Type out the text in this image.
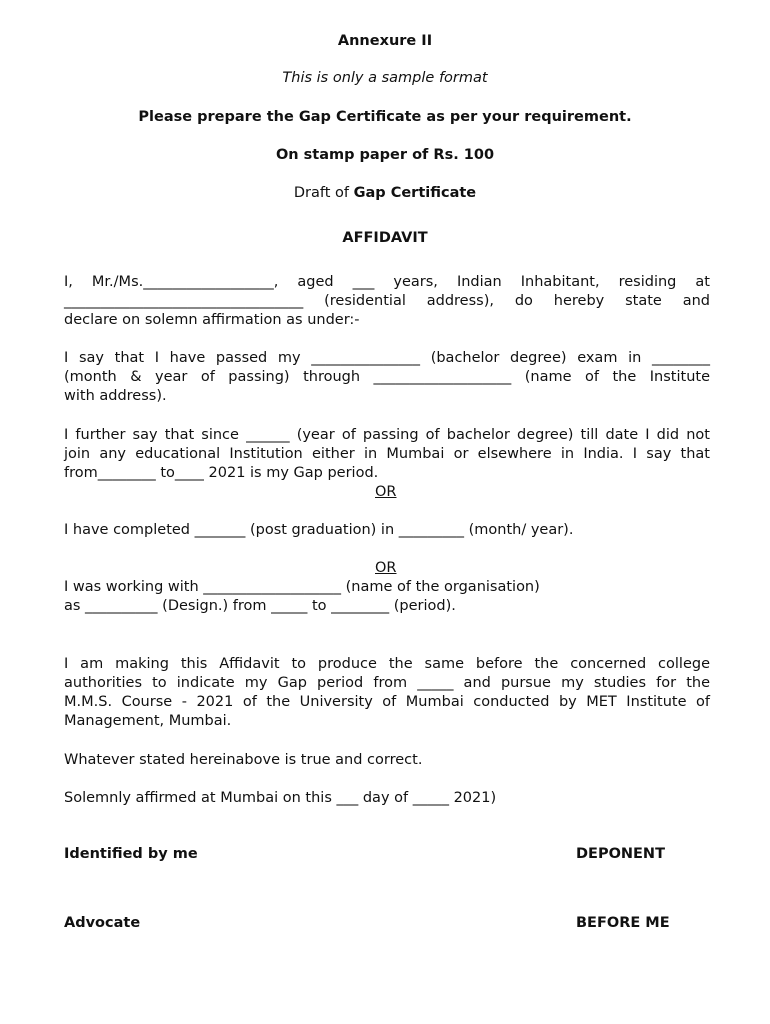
Annexure II
This is only a sample format
Please prepare the Gap Certificate as per your requirement.
On stamp paper of Rs. 100
Draft of Gap Certificate
AFFIDAVIT
I, Mr./Ms.__________________, aged ___ years, Indian Inhabitant, residing at
_________________________________ (residential address), do hereby state and
declare on solemn affirmation as under:-
I say that I have passed my _______________ (bachelor degree) exam in ________
(month & year of passing) through ___________________ (name of the Institute
with address).
I further say that since ______ (year of passing of bachelor degree) till date I did not
join any educational Institution either in Mumbai or elsewhere in India. I say that
from________ to____ 2021 is my Gap period.
OR
I have completed _______ (post graduation) in _________ (month/ year).
OR
I was working with ___________________ (name of the organisation)
as __________ (Design.) from _____ to ________ (period).
I am making this Affidavit to produce the same before the concerned college
authorities to indicate my Gap period from _____ and pursue my studies for the
M.M.S. Course - 2021 of the University of Mumbai conducted by MET Institute of
Management, Mumbai.
Whatever stated hereinabove is true and correct.
Solemnly affirmed at Mumbai on this ___ day of _____ 2021)
Identified by me	DEPONENT
Advocate	BEFORE ME
